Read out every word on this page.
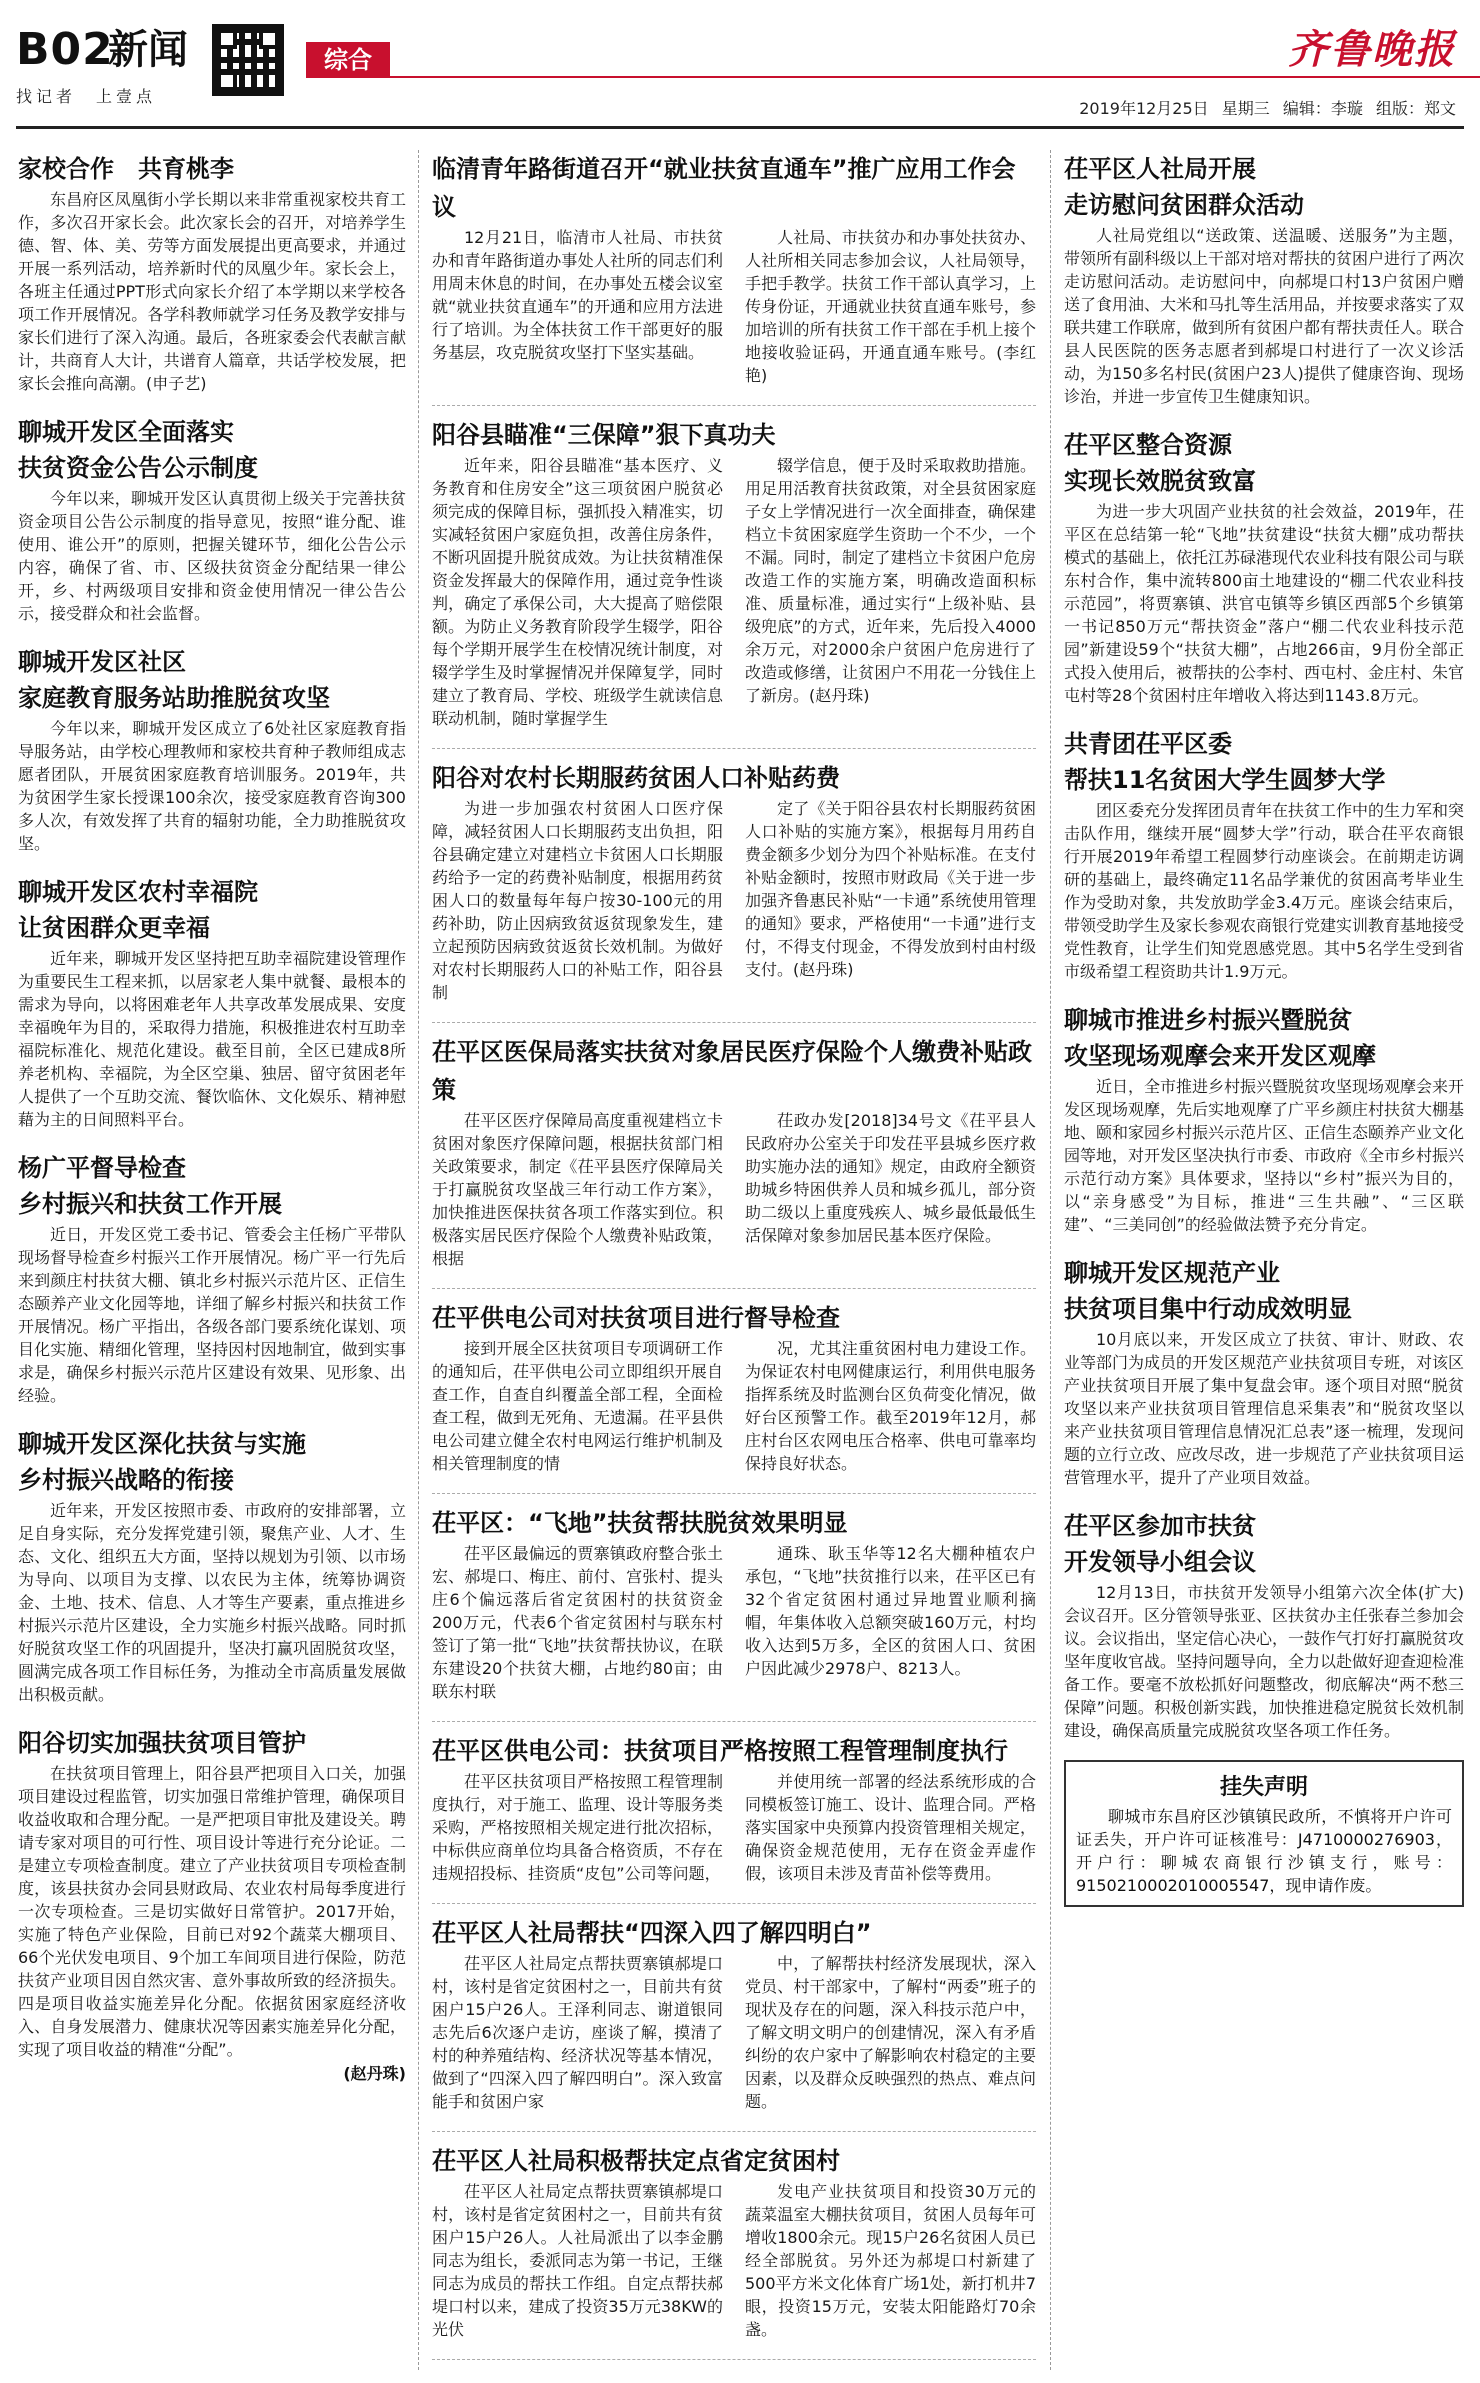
B02
新闻
找记者　上壹点
综合	齐鲁晚报
2019年12月25日 星期三 编辑：李璇 组版：郑文
家校合作　共育桃李

东昌府区凤凰街小学长期以来非常重视家校共育工作，多次召开家长会。此次家长会的召开，对培养学生德、智、体、美、劳等方面发展提出更高要求，并通过开展一系列活动，培养新时代的凤凰少年。家长会上，各班主任通过PPT形式向家长介绍了本学期以来学校各项工作开展情况。各学科教师就学习任务及教学安排与家长们进行了深入沟通。最后，各班家委会代表献言献计，共商育人大计，共谱育人篇章，共话学校发展，把家长会推向高潮。(申子艺)

聊城开发区全面落实
扶贫资金公告公示制度

今年以来，聊城开发区认真贯彻上级关于完善扶贫资金项目公告公示制度的指导意见，按照“谁分配、谁使用、谁公开”的原则，把握关键环节，细化公告公示内容，确保了省、市、区级扶贫资金分配结果一律公开，乡、村两级项目安排和资金使用情况一律公告公示，接受群众和社会监督。

聊城开发区社区
家庭教育服务站助推脱贫攻坚

今年以来，聊城开发区成立了6处社区家庭教育指导服务站，由学校心理教师和家校共育种子教师组成志愿者团队，开展贫困家庭教育培训服务。2019年，共为贫困学生家长授课100余次，接受家庭教育咨询300多人次，有效发挥了共育的辐射功能，全力助推脱贫攻坚。

聊城开发区农村幸福院
让贫困群众更幸福

近年来，聊城开发区坚持把互助幸福院建设管理作为重要民生工程来抓，以居家老人集中就餐、最根本的需求为导向，以将困难老年人共享改革发展成果、安度幸福晚年为目的，采取得力措施，积极推进农村互助幸福院标准化、规范化建设。截至目前，全区已建成8所养老机构、幸福院，为全区空巢、独居、留守贫困老年人提供了一个互助交流、餐饮临休、文化娱乐、精神慰藉为主的日间照料平台。

杨广平督导检查
乡村振兴和扶贫工作开展

近日，开发区党工委书记、管委会主任杨广平带队现场督导检查乡村振兴工作开展情况。杨广平一行先后来到颜庄村扶贫大棚、镇北乡村振兴示范片区、正信生态颐养产业文化园等地，详细了解乡村振兴和扶贫工作开展情况。杨广平指出，各级各部门要系统化谋划、项目化实施、精细化管理，坚持因村因地制宜，做到实事求是，确保乡村振兴示范片区建设有效果、见形象、出经验。

聊城开发区深化扶贫与实施
乡村振兴战略的衔接

近年来，开发区按照市委、市政府的安排部署，立足自身实际，充分发挥党建引领，聚焦产业、人才、生态、文化、组织五大方面，坚持以规划为引领、以市场为导向、以项目为支撑、以农民为主体，统筹协调资金、土地、技术、信息、人才等生产要素，重点推进乡村振兴示范片区建设，全力实施乡村振兴战略。同时抓好脱贫攻坚工作的巩固提升，坚决打赢巩固脱贫攻坚，圆满完成各项工作目标任务，为推动全市高质量发展做出积极贡献。

阳谷切实加强扶贫项目管护

在扶贫项目管理上，阳谷县严把项目入口关，加强项目建设过程监管，切实加强日常维护管理，确保项目收益收取和合理分配。一是严把项目审批及建设关。聘请专家对项目的可行性、项目设计等进行充分论证。二是建立专项检查制度。建立了产业扶贫项目专项检查制度，该县扶贫办会同县财政局、农业农村局每季度进行一次专项检查。三是切实做好日常管护。2017开始，实施了特色产业保险，目前已对92个蔬菜大棚项目、66个光伏发电项目、9个加工车间项目进行保险，防范扶贫产业项目因自然灾害、意外事故所致的经济损失。四是项目收益实施差异化分配。依据贫困家庭经济收入、自身发展潜力、健康状况等因素实施差异化分配，实现了项目收益的精准“分配”。

(赵丹珠)
临清青年路街道召开“就业扶贫直通车”推广应用工作会议

12月21日，临清市人社局、市扶贫办和青年路街道办事处人社所的同志们利用周末休息的时间，在办事处五楼会议室就“就业扶贫直通车”的开通和应用方法进行了培训。为全体扶贫工作干部更好的服务基层，攻克脱贫攻坚打下坚实基础。

人社局、市扶贫办和办事处扶贫办、人社所相关同志参加会议，人社局领导，手把手教学。扶贫工作干部认真学习，上传身份证，开通就业扶贫直通车账号，参加培训的所有扶贫工作干部在手机上接个地接收验证码，开通直通车账号。(李红艳)

阳谷县瞄准“三保障”狠下真功夫

近年来，阳谷县瞄准“基本医疗、义务教育和住房安全”这三项贫困户脱贫必须完成的保障目标，强抓投入精准实，切实减轻贫困户家庭负担，改善住房条件，不断巩固提升脱贫成效。为让扶贫精准保资金发挥最大的保障作用，通过竞争性谈判，确定了承保公司，大大提高了赔偿限额。为防止义务教育阶段学生辍学，阳谷每个学期开展学生在校情况统计制度，对辍学学生及时掌握情况并保障复学，同时建立了教育局、学校、班级学生就读信息联动机制，随时掌握学生

辍学信息，便于及时采取救助措施。用足用活教育扶贫政策，对全县贫困家庭子女上学情况进行一次全面排查，确保建档立卡贫困家庭学生资助一个不少，一个不漏。同时，制定了建档立卡贫困户危房改造工作的实施方案，明确改造面积标准、质量标准，通过实行“上级补贴、县级兜底”的方式，近年来，先后投入4000余万元，对2000余户贫困户危房进行了改造或修缮，让贫困户不用花一分钱住上了新房。(赵丹珠)

阳谷对农村长期服药贫困人口补贴药费

为进一步加强农村贫困人口医疗保障，减轻贫困人口长期服药支出负担，阳谷县确定建立对建档立卡贫困人口长期服药给予一定的药费补贴制度，根据用药贫困人口的数量每年每户按30-100元的用药补助，防止因病致贫返贫现象发生，建立起预防因病致贫返贫长效机制。为做好对农村长期服药人口的补贴工作，阳谷县制

定了《关于阳谷县农村长期服药贫困人口补贴的实施方案》，根据每月用药自费金额多少划分为四个补贴标准。在支付补贴金额时，按照市财政局《关于进一步加强齐鲁惠民补贴“一卡通”系统使用管理的通知》要求，严格使用“一卡通”进行支付，不得支付现金，不得发放到村由村级支付。(赵丹珠)

茌平区医保局落实扶贫对象居民医疗保险个人缴费补贴政策

茌平区医疗保障局高度重视建档立卡贫困对象医疗保障问题，根据扶贫部门相关政策要求，制定《茌平县医疗保障局关于打赢脱贫攻坚战三年行动工作方案》，加快推进医保扶贫各项工作落实到位。积极落实居民医疗保险个人缴费补贴政策，根据

茌政办发[2018]34号文《茌平县人民政府办公室关于印发茌平县城乡医疗救助实施办法的通知》规定，由政府全额资助城乡特困供养人员和城乡孤儿，部分资助二级以上重度残疾人、城乡最低最低生活保障对象参加居民基本医疗保险。

茌平供电公司对扶贫项目进行督导检查

接到开展全区扶贫项目专项调研工作的通知后，茌平供电公司立即组织开展自查工作，自查自纠覆盖全部工程，全面检查工程，做到无死角、无遗漏。茌平县供电公司建立健全农村电网运行维护机制及相关管理制度的情

况，尤其注重贫困村电力建设工作。为保证农村电网健康运行，利用供电服务指挥系统及时监测台区负荷变化情况，做好台区预警工作。截至2019年12月，郝庄村台区农网电压合格率、供电可靠率均保持良好状态。

茌平区：“飞地”扶贫帮扶脱贫效果明显

茌平区最偏远的贾寨镇政府整合张土宏、郝堤口、梅庄、前付、宫张村、提头庄6个偏远落后省定贫困村的扶贫资金200万元，代表6个省定贫困村与联东村签订了第一批“飞地”扶贫帮扶协议，在联东建设20个扶贫大棚，占地约80亩；由联东村联

通珠、耿玉华等12名大棚种植农户承包，“飞地”扶贫推行以来，茌平区已有32个省定贫困村通过异地置业顺利摘帽，年集体收入总额突破160万元，村均收入达到5万多，全区的贫困人口、贫困户因此减少2978户、8213人。

茌平区供电公司：扶贫项目严格按照工程管理制度执行

茌平区扶贫项目严格按照工程管理制度执行，对于施工、监理、设计等服务类采购，严格按照相关规定进行批次招标，中标供应商单位均具备合格资质，不存在违规招投标、挂资质“皮包”公司等问题，

并使用统一部署的经法系统形成的合同模板签订施工、设计、监理合同。严格落实国家中央预算内投资管理相关规定，确保资金规范使用，无存在资金弄虚作假，该项目未涉及青苗补偿等费用。

茌平区人社局帮扶“四深入四了解四明白”

茌平区人社局定点帮扶贾寨镇郝堤口村，该村是省定贫困村之一，目前共有贫困户15户26人。王泽利同志、谢道银同志先后6次逐户走访，座谈了解，摸清了村的种养殖结构、经济状况等基本情况，做到了“四深入四了解四明白”。深入致富能手和贫困户家

中，了解帮扶村经济发展现状，深入党员、村干部家中，了解村“两委”班子的现状及存在的问题，深入科技示范户中，了解文明文明户的创建情况，深入有矛盾纠纷的农户家中了解影响农村稳定的主要因素，以及群众反映强烈的热点、难点问题。

茌平区人社局积极帮扶定点省定贫困村

茌平区人社局定点帮扶贾寨镇郝堤口村，该村是省定贫困村之一，目前共有贫困户15户26人。人社局派出了以李金鹏同志为组长，委派同志为第一书记，王继同志为成员的帮扶工作组。自定点帮扶郝堤口村以来，建成了投资35万元38KW的光伏

发电产业扶贫项目和投资30万元的蔬菜温室大棚扶贫项目，贫困人员每年可增收1800余元。现15户26名贫困人员已经全部脱贫。另外还为郝堤口村新建了500平方米文化体育广场1处，新打机井7眼，投资15万元，安装太阳能路灯70余盏。

茌平区人社局开展
走访慰问贫困群众活动

人社局党组以“送政策、送温暖、送服务”为主题，带领所有副科级以上干部对培对帮扶的贫困户进行了两次走访慰问活动。走访慰问中，向郝堤口村13户贫困户赠送了食用油、大米和马扎等生活用品，并按要求落实了双联共建工作联席，做到所有贫困户都有帮扶责任人。联合县人民医院的医务志愿者到郝堤口村进行了一次义诊活动，为150多名村民(贫困户23人)提供了健康咨询、现场诊治，并进一步宣传卫生健康知识。

茌平区整合资源
实现长效脱贫致富

为进一步大巩固产业扶贫的社会效益，2019年，茌平区在总结第一轮“飞地”扶贫建设“扶贫大棚”成功帮扶模式的基础上，依托江苏碌港现代农业科技有限公司与联东村合作，集中流转800亩土地建设的“棚二代农业科技示范园”，将贾寨镇、洪官屯镇等乡镇区西部5个乡镇第一书记850万元“帮扶资金”落户“棚二代农业科技示范园”新建设59个“扶贫大棚”，占地266亩，9月份全部正式投入使用后，被帮扶的公李村、西屯村、金庄村、朱官屯村等28个贫困村庄年增收入将达到1143.8万元。

共青团茌平区委
帮扶11名贫困大学生圆梦大学

团区委充分发挥团员青年在扶贫工作中的生力军和突击队作用，继续开展“圆梦大学”行动，联合茌平农商银行开展2019年希望工程圆梦行动座谈会。在前期走访调研的基础上，最终确定11名品学兼优的贫困高考毕业生作为受助对象，共发放助学金3.4万元。座谈会结束后，带领受助学生及家长参观农商银行党建实训教育基地接受党性教育，让学生们知党恩感党恩。其中5名学生受到省市级希望工程资助共计1.9万元。

聊城市推进乡村振兴暨脱贫
攻坚现场观摩会来开发区观摩

近日，全市推进乡村振兴暨脱贫攻坚现场观摩会来开发区现场观摩，先后实地观摩了广平乡颜庄村扶贫大棚基地、颐和家园乡村振兴示范片区、正信生态颐养产业文化园等地，对开发区坚决执行市委、市政府《全市乡村振兴示范行动方案》具体要求，坚持以“乡村”振兴为目的，以“亲身感受”为目标，推进“三生共融”、“三区联建”、“三美同创”的经验做法赞予充分肯定。

聊城开发区规范产业
扶贫项目集中行动成效明显

10月底以来，开发区成立了扶贫、审计、财政、农业等部门为成员的开发区规范产业扶贫项目专班，对该区产业扶贫项目开展了集中复盘会审。逐个项目对照“脱贫攻坚以来产业扶贫项目管理信息采集表”和“脱贫攻坚以来产业扶贫项目管理信息情况汇总表”逐一梳理，发现问题的立行立改、应改尽改，进一步规范了产业扶贫项目运营管理水平，提升了产业项目效益。

茌平区参加市扶贫
开发领导小组会议

12月13日，市扶贫开发领导小组第六次全体(扩大)会议召开。区分管领导张亚、区扶贫办主任张春兰参加会议。会议指出，坚定信心决心，一鼓作气打好打赢脱贫攻坚年度收官战。坚持问题导向，全力以赴做好迎查迎检准备工作。要毫不放松抓好问题整改，彻底解决“两不愁三保障”问题。积极创新实践，加快推进稳定脱贫长效机制建设，确保高质量完成脱贫攻坚各项工作任务。

挂失声明

聊城市东昌府区沙镇镇民政所，不慎将开户许可证丢失，开户许可证核准号：J4710000276903，开户行：聊城农商银行沙镇支行，账号：9150210002010005547，现申请作废。
